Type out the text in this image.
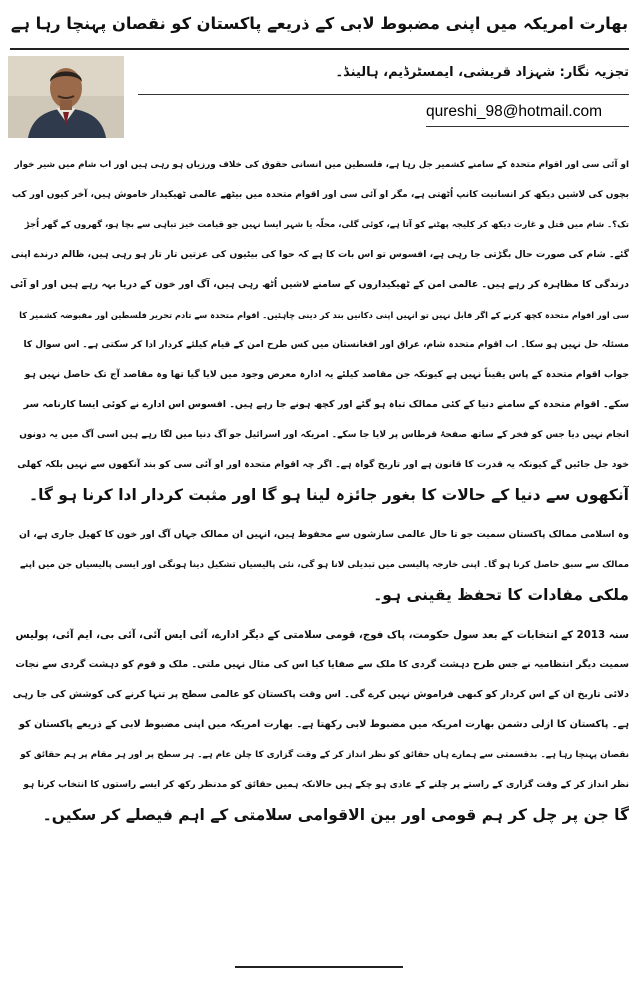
بھارت امریکہ میں اپنی مضبوط لابی کے ذریعے پاکستان کو نقصان پہنچا رہا ہے
تجزیہ نگار: شہزاد قریشی، ایمسٹرڈیم، ہالینڈ۔
qureshi_98@hotmail.com
او آئی سی اور اقوام متحدہ کے سامنے کشمیر جل رہا ہے، فلسطین میں انسانی حقوق کی خلاف ورزیاں ہو رہی ہیں اور اب شام میں شیر خوار
بچوں کی لاشیں دیکھ کر انسانیت کانپ اُٹھتی ہے، مگر او آئی سی اور اقوام متحدہ میں بیٹھے عالمی ٹھیکیدار خاموش ہیں، آخر کیوں اور کب
تک؟۔ شام میں قتل و غارت دیکھ کر کلیجہ پھٹنے کو آتا ہے، کوئی گلی، محلّہ یا شہر ایسا نہیں جو قیامت خیز تباہی سے بچا ہو، گھروں کے گھر اُجڑ
گئے۔ شام کی صورت حال بگڑتی جا رہی ہے، افسوس تو اس بات کا ہے کہ حوا کی بیٹیوں کی عزتیں تار تار ہو رہی ہیں، ظالم درندے اپنی
درندگی کا مظاہرہ کر رہے ہیں۔ عالمی امن کے ٹھیکیداروں کے سامنے لاشیں اُٹھ رہی ہیں، آگ اور خون کے دریا بہہ رہے ہیں اور او آئی
سی اور اقوام متحدہ کچھ کرنے کے اگر قابل نہیں تو انہیں اپنی دکانیں بند کر دینی چاہئیں۔ اقوام متحدہ سے تادم تحریر فلسطین اور مقبوضہ کشمیر کا
مسئلہ حل نہیں ہو سکا۔ اب اقوام متحدہ شام، عراق اور افغانستان میں کس طرح امن کے قیام کیلئے کردار ادا کر سکتی ہے۔ اس سوال کا
جواب اقوام متحدہ کے پاس یقیناً نہیں ہے کیونکہ جن مقاصد کیلئے یہ ادارہ معرض وجود میں لایا گیا تھا وہ مقاصد آج تک حاصل نہیں ہو
سکے۔ اقوام متحدہ کے سامنے دنیا کے کئی ممالک تباہ ہو گئے اور کچھ ہونے جا رہے ہیں۔ افسوس اس ادارے نے کوئی ایسا کارنامہ سر
انجام نہیں دیا جس کو فخر کے ساتھ صفحۂ قرطاس پر لایا جا سکے۔ امریکہ اور اسرائیل جو آگ دنیا میں لگا رہے ہیں اسی آگ میں یہ دونوں
خود جل جائیں گے کیونکہ یہ قدرت کا قانون ہے اور تاریخ گواہ ہے۔ اگر چہ اقوام متحدہ اور او آئی سی کو بند آنکھوں سے نہیں بلکہ کھلی
آنکھوں سے دنیا کے حالات کا بغور جائزہ لینا ہو گا اور مثبت کردار ادا کرنا ہو گا۔
وہ اسلامی ممالک پاکستان سمیت جو تا حال عالمی سازشوں سے محفوظ ہیں، انہیں ان ممالک جہاں آگ اور خون کا کھیل جاری ہے، ان
ممالک سے سبق حاصل کرنا ہو گا۔ اپنی خارجہ پالیسی میں تبدیلی لانا ہو گی، نئی پالیسیاں تشکیل دینا ہونگی اور ایسی پالیسیاں جن میں اپنے
ملکی مفادات کا تحفظ یقینی ہو۔
سنہ 2013 کے انتخابات کے بعد سول حکومت، پاک فوج، قومی سلامتی کے دیگر ادارے، آئی ایس آئی، آئی بی، ایم آئی، پولیس
سمیت دیگر انتظامیہ نے جس طرح دہشت گردی کا ملک سے صفایا کیا اس کی مثال نہیں ملتی۔ ملک و قوم کو دہشت گردی سے نجات
دلائی تاریخ ان کے اس کردار کو کبھی فراموش نہیں کرے گی۔ اس وقت پاکستان کو عالمی سطح پر تنہا کرنے کی کوشش کی جا رہی
ہے۔ پاکستان کا ازلی دشمن بھارت امریکہ میں مضبوط لابی رکھتا ہے۔ بھارت امریکہ میں اپنی مضبوط لابی کے ذریعے پاکستان کو
نقصان پہنچا رہا ہے۔ بدقسمتی سے ہمارے ہاں حقائق کو نظر انداز کر کے وقت گزاری کا چلن عام ہے۔ ہر سطح پر اور ہر مقام پر ہم حقائق کو
نظر انداز کر کے وقت گزاری کے راستے پر چلنے کے عادی ہو چکے ہیں حالانکہ ہمیں حقائق کو مدنظر رکھ کر ایسے راستوں کا انتخاب کرنا ہو
گا جن پر چل کر ہم قومی اور بین الاقوامی سلامتی کے اہم فیصلے کر سکیں۔
